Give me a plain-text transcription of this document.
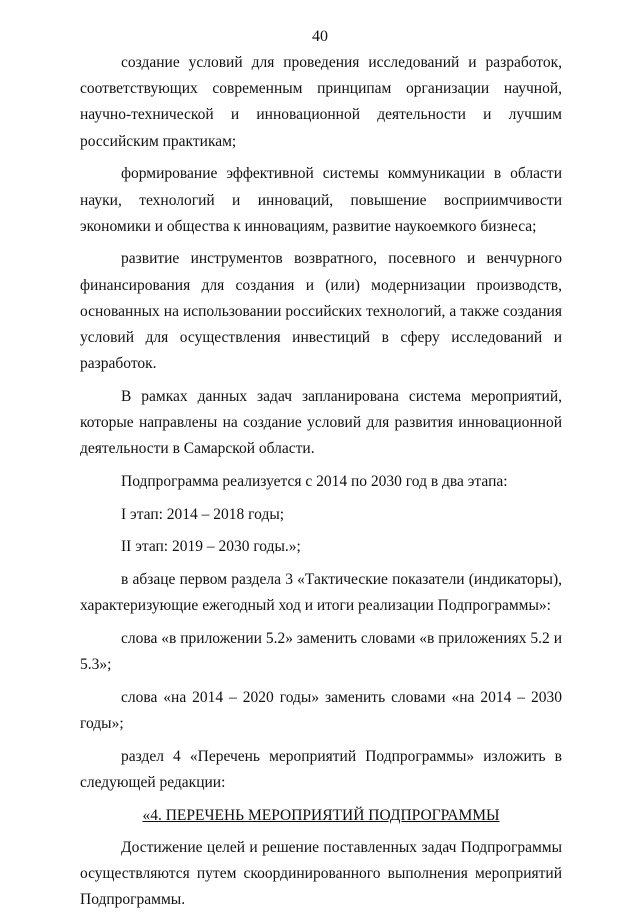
40

создание условий для проведения исследований и разработок, соответствующих современным принципам организации научной, научно-технической и инновационной деятельности и лучшим российским практикам;

формирование эффективной системы коммуникации в области науки, технологий и инноваций, повышение восприимчивости экономики и общества к инновациям, развитие наукоемкого бизнеса;

развитие инструментов возвратного, посевного и венчурного финансирования для создания и (или) модернизации производств, основанных на использовании российских технологий, а также создания условий для осуществления инвестиций в сферу исследований и разработок.

В рамках данных задач запланирована система мероприятий, которые направлены на создание условий для развития инновационной деятельности в Самарской области.

Подпрограмма реализуется с 2014 по 2030 год в два этапа:

I этап: 2014 – 2018 годы;

II этап: 2019 – 2030 годы.»;

в абзаце первом раздела 3 «Тактические показатели (индикаторы), характеризующие ежегодный ход и итоги реализации Подпрограммы»:

слова «в приложении 5.2» заменить словами «в приложениях 5.2 и 5.3»;

слова «на 2014 – 2020 годы» заменить словами «на 2014 – 2030 годы»;

раздел 4 «Перечень мероприятий Подпрограммы» изложить в следующей редакции:

«4. ПЕРЕЧЕНЬ МЕРОПРИЯТИЙ ПОДПРОГРАММЫ

Достижение целей и решение поставленных задач Подпрограммы осуществляются путем скоординированного выполнения мероприятий Подпрограммы.
